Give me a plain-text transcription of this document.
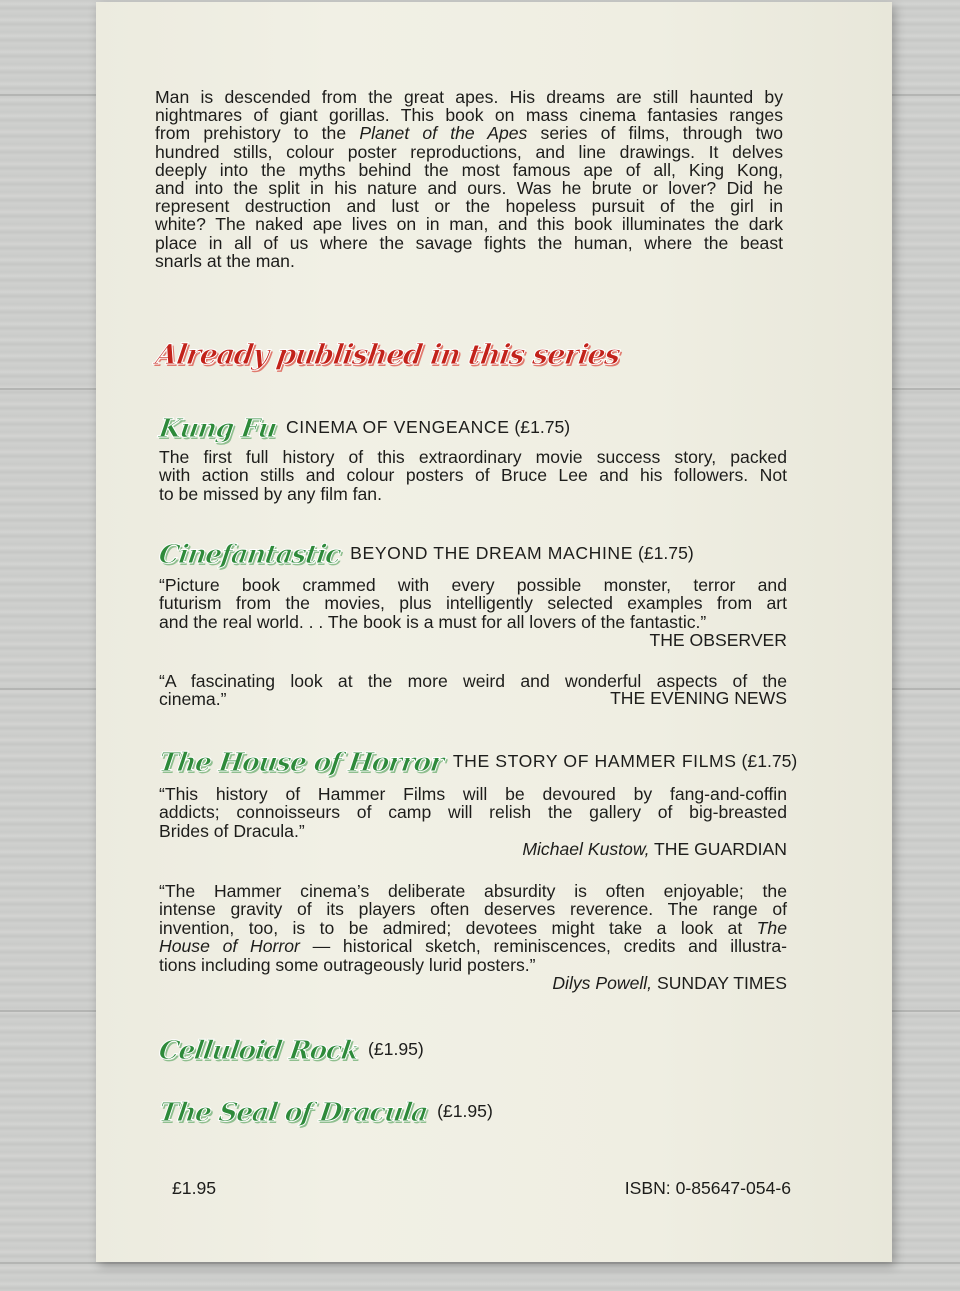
Man is descended from the great apes. His dreams are still haunted by
nightmares of giant gorillas. This book on mass cinema fantasies ranges
from prehistory to the Planet of the Apes series of films, through two
hundred stills, colour poster reproductions, and line drawings. It delves
deeply into the myths behind the most famous ape of all, King Kong,
and into the split in his nature and ours. Was he brute or lover? Did he
represent destruction and lust or the hopeless pursuit of the girl in
white? The naked ape lives on in man, and this book illuminates the dark
place in all of us where the savage fights the human, where the beast
snarls at the man.
Already published in this series
Kung Fu CINEMA OF VENGEANCE (£1.75)
The first full history of this extraordinary movie success story, packed
with action stills and colour posters of Bruce Lee and his followers. Not
to be missed by any film fan.
Cinefantastic BEYOND THE DREAM MACHINE (£1.75)
“Picture book crammed with every possible monster, terror and
futurism from the movies, plus intelligently selected examples from art
and the real world. . . The book is a must for all lovers of the fantastic.”
THE OBSERVER
“A fascinating look at the more weird and wonderful aspects of the
cinema.”	THE EVENING NEWS
The House of Horror THE STORY OF HAMMER FILMS (£1.75)
“This history of Hammer Films will be devoured by fang-and-coffin
addicts; connoisseurs of camp will relish the gallery of big-breasted
Brides of Dracula.”
Michael Kustow, THE GUARDIAN
“The Hammer cinema’s deliberate absurdity is often enjoyable; the
intense gravity of its players often deserves reverence. The range of
invention, too, is to be admired; devotees might take a look at The
House of Horror — historical sketch, reminiscences, credits and illustra-
tions including some outrageously lurid posters.”
Dilys Powell, SUNDAY TIMES
Celluloid Rock (£1.95)
The Seal of Dracula (£1.95)
£1.95	ISBN: 0-85647-054-6
